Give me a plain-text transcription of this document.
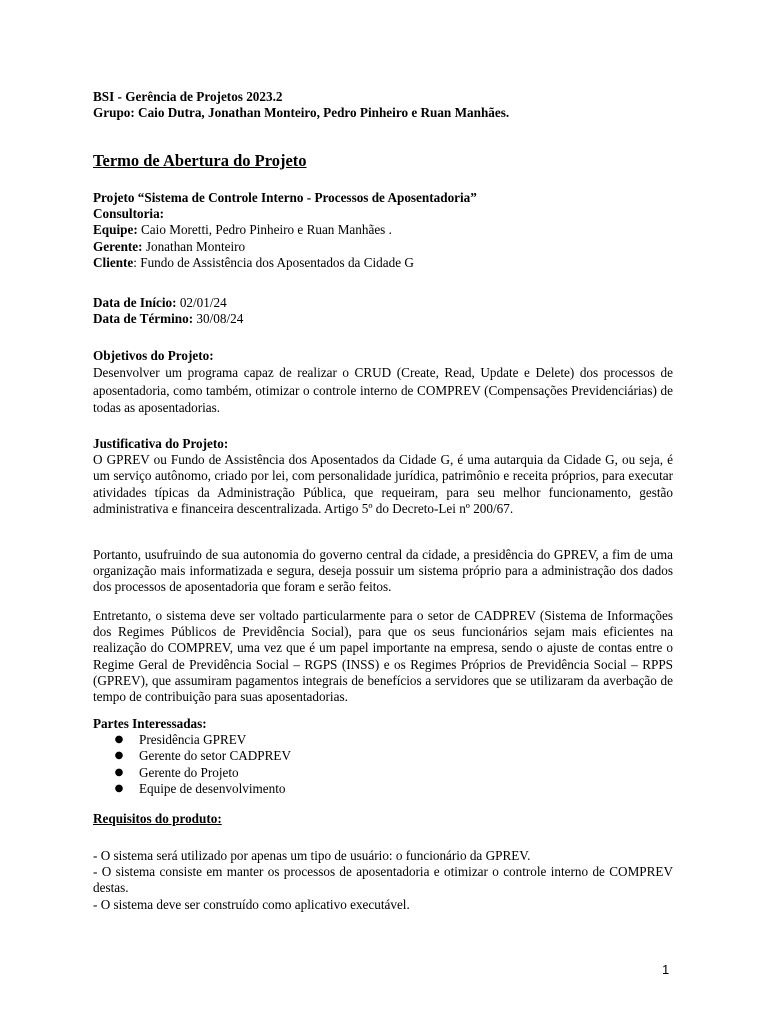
BSI - Gerência de Projetos 2023.2

Grupo: Caio Dutra, Jonathan Monteiro, Pedro Pinheiro e Ruan Manhães.

Termo de Abertura do Projeto

Projeto “Sistema de Controle Interno - Processos de Aposentadoria”

Consultoria:

Equipe: Caio Moretti, Pedro Pinheiro e Ruan Manhães .

Gerente: Jonathan Monteiro

Cliente: Fundo de Assistência dos Aposentados da Cidade G

Data de Início: 02/01/24

Data de Término: 30/08/24

Objetivos do Projeto:

Desenvolver um programa capaz de realizar o CRUD (Create, Read, Update e Delete) dos processos de aposentadoria, como também, otimizar o controle interno de COMPREV (Compensações Previdenciárias) de todas as aposentadorias.

Justificativa do Projeto:

O GPREV ou Fundo de Assistência dos Aposentados da Cidade G, é uma autarquia da Cidade G, ou seja, é um serviço autônomo, criado por lei, com personalidade jurídica, patrimônio e receita próprios, para executar atividades típicas da Administração Pública, que requeiram, para seu melhor funcionamento, gestão administrativa e financeira descentralizada. Artigo 5º do Decreto-Lei nº 200/67.

Portanto, usufruindo de sua autonomia do governo central da cidade, a presidência do GPREV, a fim de uma organização mais informatizada e segura, deseja possuir um sistema próprio para a administração dos dados dos processos de aposentadoria que foram e serão feitos.

Entretanto, o sistema deve ser voltado particularmente para o setor de CADPREV (Sistema de Informações dos Regimes Públicos de Previdência Social), para que os seus funcionários sejam mais eficientes na realização do COMPREV, uma vez que é um papel importante na empresa, sendo o ajuste de contas entre o Regime Geral de Previdência Social – RGPS (INSS) e os Regimes Próprios de Previdência Social – RPPS (GPREV), que assumiram pagamentos integrais de benefícios a servidores que se utilizaram da averbação de tempo de contribuição para suas aposentadorias.

Partes Interessadas:

● Presidência GPREV
● Gerente do setor CADPREV
● Gerente do Projeto
● Equipe de desenvolvimento

Requisitos do produto:

- O sistema será utilizado por apenas um tipo de usuário: o funcionário da GPREV.

- O sistema consiste em manter os processos de aposentadoria e otimizar o controle interno de COMPREV destas.

- O sistema deve ser construído como aplicativo executável.

1
